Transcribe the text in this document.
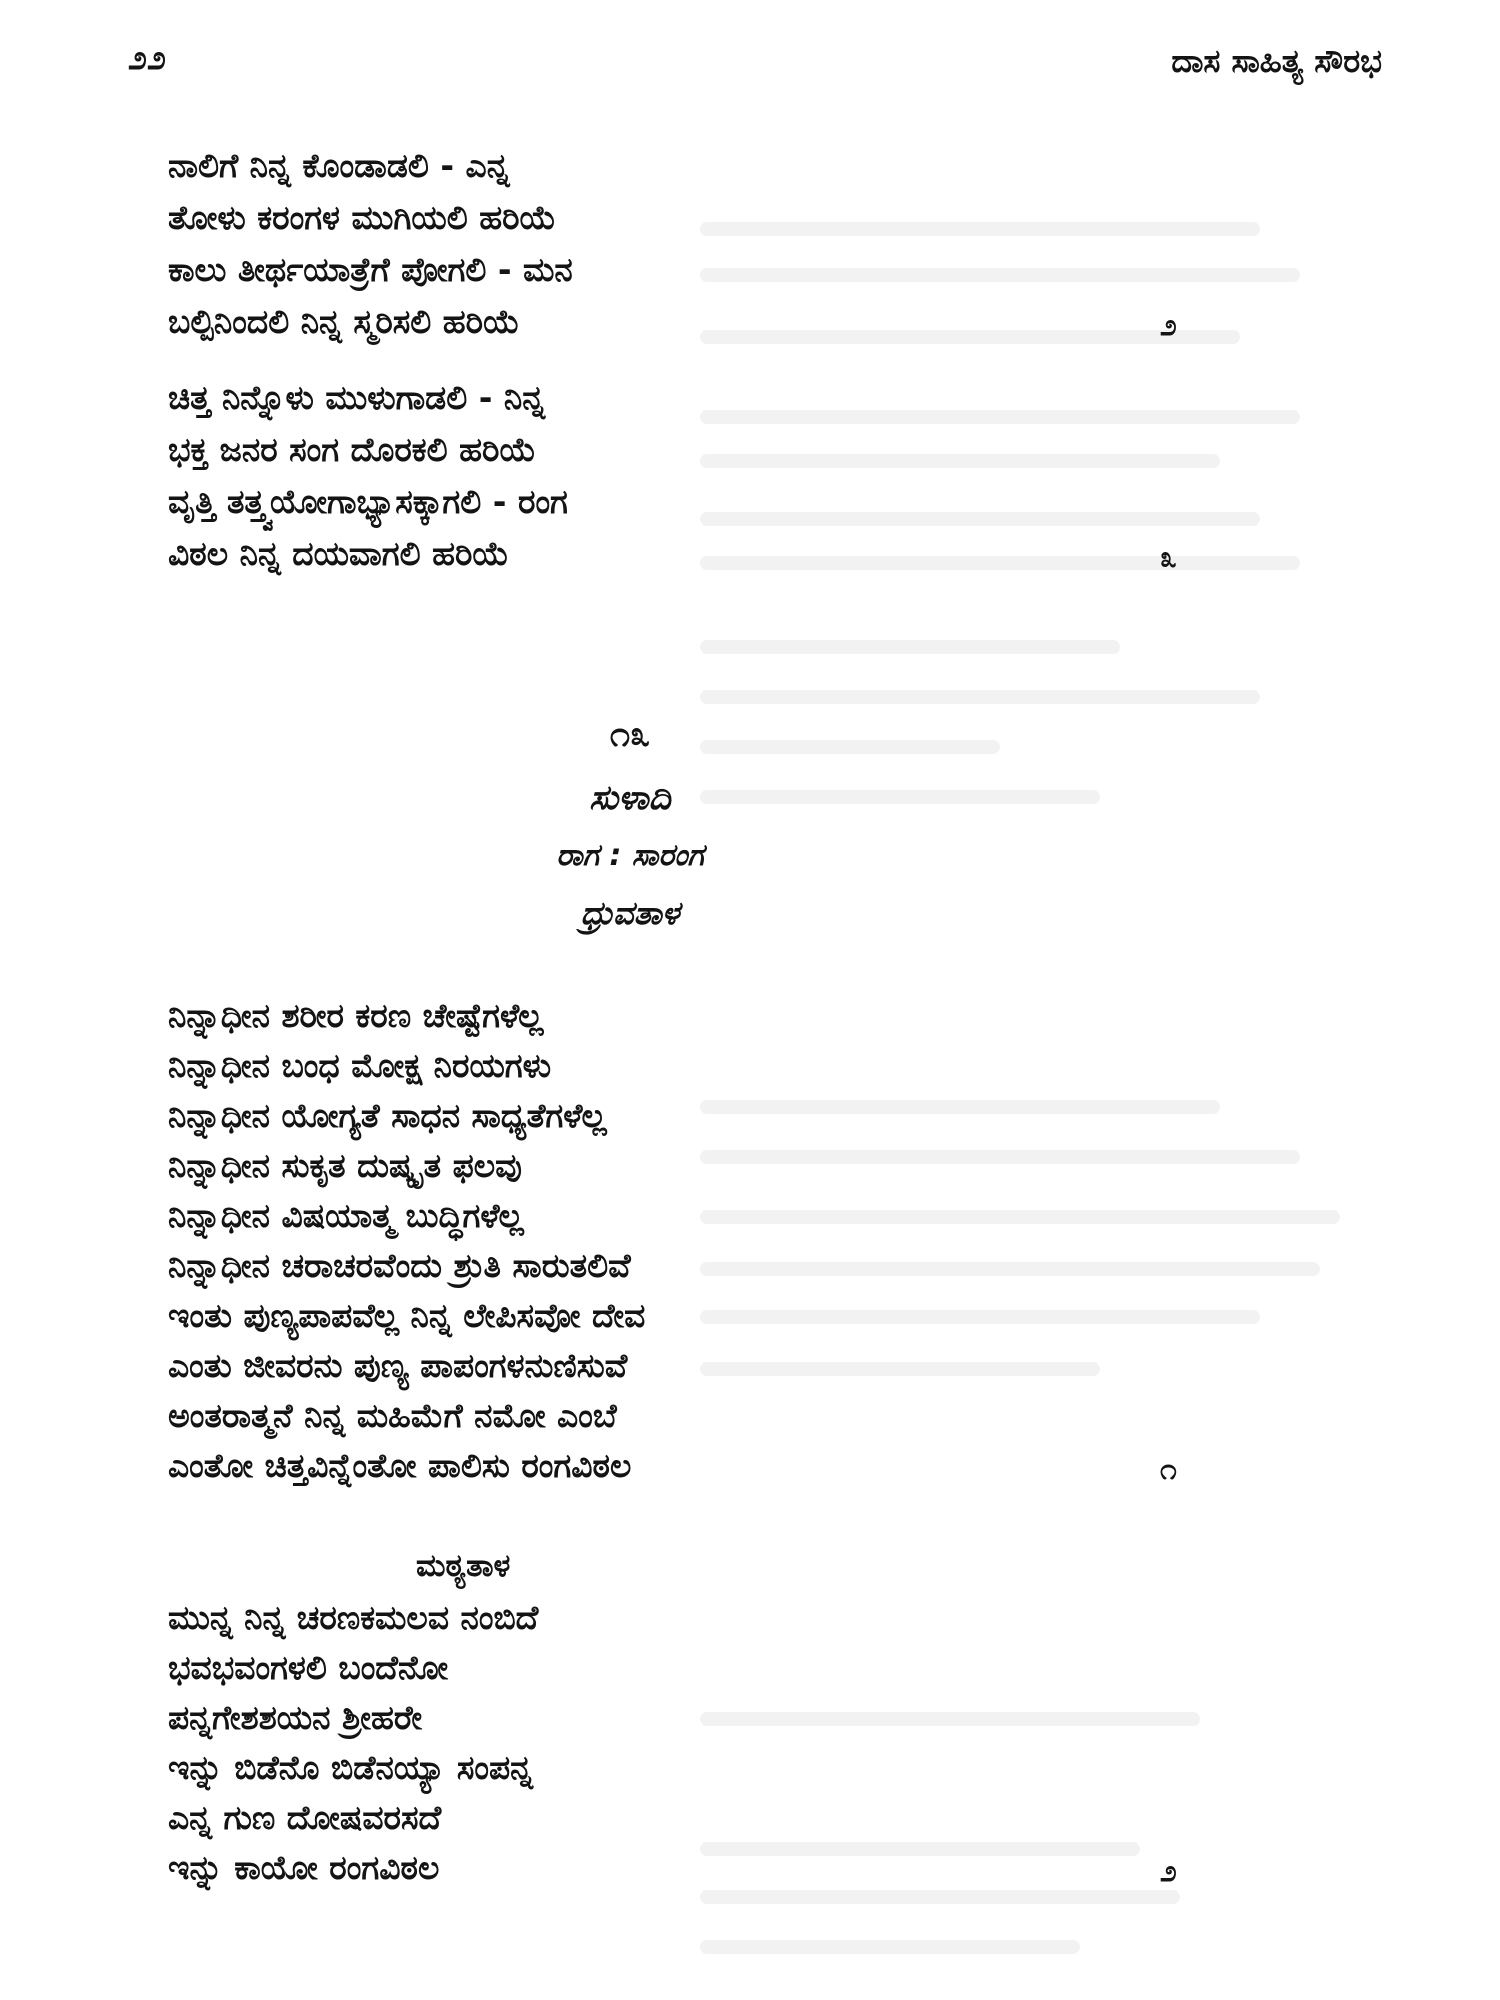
೨೨	ದಾಸ ಸಾಹಿತ್ಯ ಸೌರಭ
ನಾಲಿಗೆ ನಿನ್ನ ಕೊಂಡಾಡಲಿ - ಎನ್ನ
ತೋಳು ಕರಂಗಳ ಮುಗಿಯಲಿ ಹರಿಯೆ
ಕಾಲು ತೀರ್ಥಯಾತ್ರೆಗೆ ಪೋಗಲಿ - ಮನ
ಬಲ್ಪಿನಿಂದಲಿ ನಿನ್ನ ಸ್ಮರಿಸಲಿ ಹರಿಯೆ	೨
ಚಿತ್ತ ನಿನ್ನೊಳು ಮುಳುಗಾಡಲಿ - ನಿನ್ನ
ಭಕ್ತ ಜನರ ಸಂಗ ದೊರಕಲಿ ಹರಿಯೆ
ವೃತ್ತಿ ತತ್ತ್ವಯೋಗಾಭ್ಯಾಸಕ್ಕಾಗಲಿ - ರಂಗ
ವಿಠಲ ನಿನ್ನ ದಯವಾಗಲಿ ಹರಿಯೆ	೩
೧೩
ಸುಳಾದಿ
ರಾಗ : ಸಾರಂಗ
ಧ್ರುವತಾಳ
ನಿನ್ನಾಧೀನ ಶರೀರ ಕರಣ ಚೇಷ್ಟೆಗಳೆಲ್ಲ
ನಿನ್ನಾಧೀನ ಬಂಧ ಮೋಕ್ಷ ನಿರಯಗಳು
ನಿನ್ನಾಧೀನ ಯೋಗ್ಯತೆ ಸಾಧನ ಸಾಧ್ಯತೆಗಳೆಲ್ಲ
ನಿನ್ನಾಧೀನ ಸುಕೃತ ದುಷ್ಕೃತ ಫಲವು
ನಿನ್ನಾಧೀನ ವಿಷಯಾತ್ಮ ಬುದ್ಧಿಗಳೆಲ್ಲ
ನಿನ್ನಾಧೀನ ಚರಾಚರವೆಂದು ಶ್ರುತಿ ಸಾರುತಲಿವೆ
ಇಂತು ಪುಣ್ಯಪಾಪವೆಲ್ಲ ನಿನ್ನ ಲೇಪಿಸವೋ ದೇವ
ಎಂತು ಜೀವರನು ಪುಣ್ಯ ಪಾಪಂಗಳನುಣಿಸುವೆ
ಅಂತರಾತ್ಮನೆ ನಿನ್ನ ಮಹಿಮೆಗೆ ನಮೋ ಎಂಬೆ
ಎಂತೋ ಚಿತ್ತವಿನ್ನೆಂತೋ ಪಾಲಿಸು ರಂಗವಿಠಲ	೧
ಮಠ್ಯತಾಳ
ಮುನ್ನ ನಿನ್ನ ಚರಣಕಮಲವ ನಂಬಿದೆ
ಭವಭವಂಗಳಲಿ ಬಂದೆನೋ
ಪನ್ನಗೇಶಶಯನ ಶ್ರೀಹರೇ
ಇನ್ನು ಬಿಡೆನೊ ಬಿಡೆನಯ್ಯಾ ಸಂಪನ್ನ
ಎನ್ನ ಗುಣ ದೋಷವರಸದೆ
ಇನ್ನು ಕಾಯೋ ರಂಗವಿಠಲ	೨
